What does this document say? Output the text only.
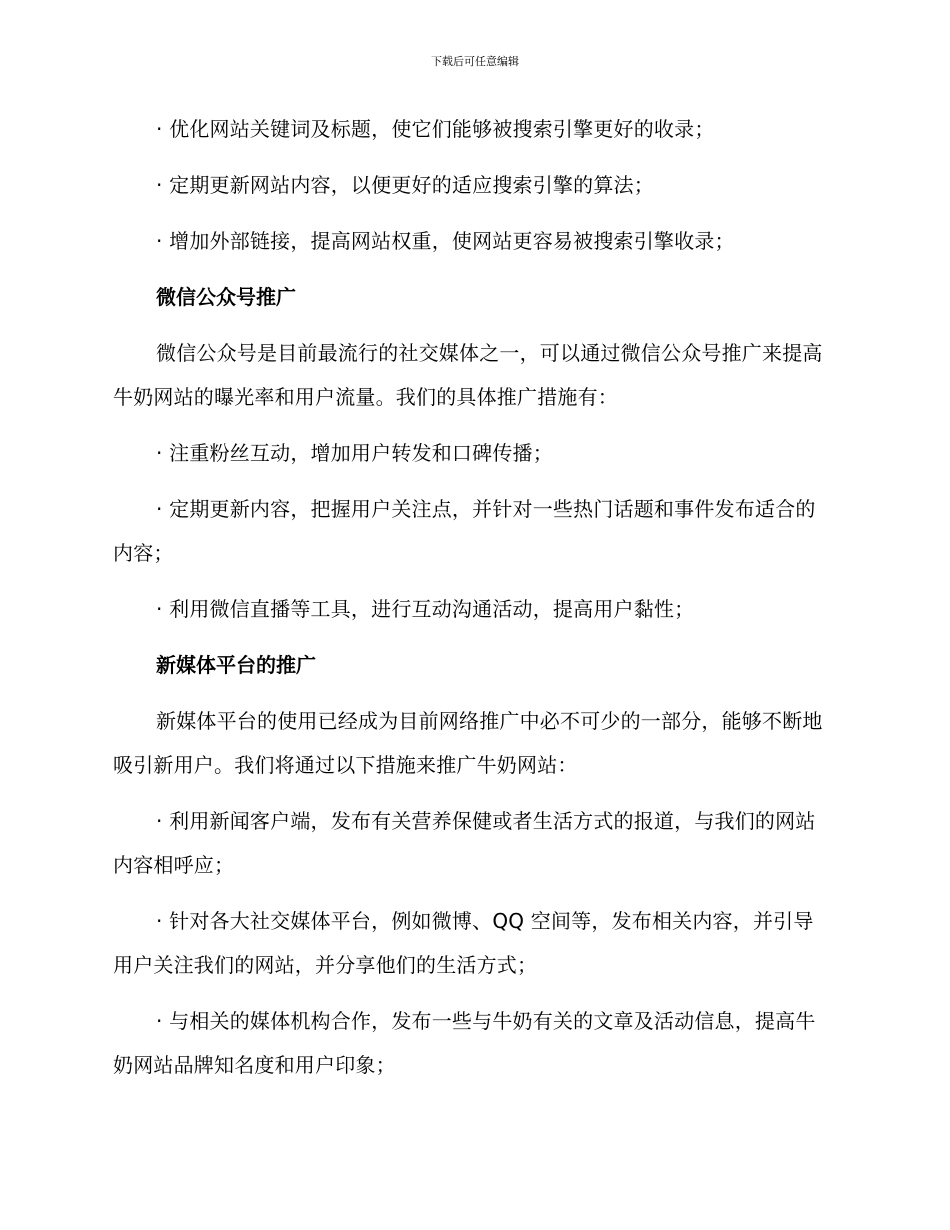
下载后可任意编辑

· 优化网站关键词及标题，使它们能够被搜索引擎更好的收录；

· 定期更新网站内容，以便更好的适应搜索引擎的算法；

· 增加外部链接，提高网站权重，使网站更容易被搜索引擎收录；

微信公众号推广

微信公众号是目前最流行的社交媒体之一，可以通过微信公众号推广来提高牛奶网站的曝光率和用户流量。我们的具体推广措施有：

· 注重粉丝互动，增加用户转发和口碑传播；

· 定期更新内容，把握用户关注点，并针对一些热门话题和事件发布适合的内容；

· 利用微信直播等工具，进行互动沟通活动，提高用户黏性；

新媒体平台的推广

新媒体平台的使用已经成为目前网络推广中必不可少的一部分，能够不断地吸引新用户。我们将通过以下措施来推广牛奶网站：

· 利用新闻客户端，发布有关营养保健或者生活方式的报道，与我们的网站内容相呼应；

· 针对各大社交媒体平台，例如微博、QQ 空间等，发布相关内容，并引导用户关注我们的网站，并分享他们的生活方式；

· 与相关的媒体机构合作，发布一些与牛奶有关的文章及活动信息，提高牛奶网站品牌知名度和用户印象；
